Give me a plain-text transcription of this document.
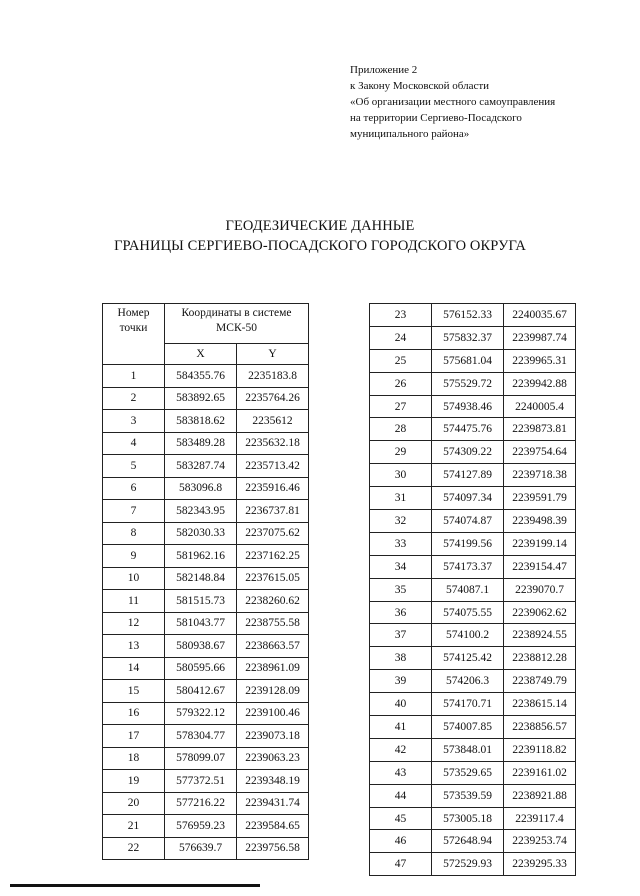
Приложение 2
к Закону Московской области
«Об организации местного самоуправления
на территории Сергиево-Посадского
муниципального района»
ГЕОДЕЗИЧЕСКИЕ ДАННЫЕ
ГРАНИЦЫ СЕРГИЕВО-ПОСАДСКОГО ГОРОДСКОГО ОКРУГА
Номер точки	Координаты в системе МСК-50	
	X	Y
1	584355.76	2235183.8
2	583892.65	2235764.26
3	583818.62	2235612
4	583489.28	2235632.18
5	583287.74	2235713.42
6	583096.8	2235916.46
7	582343.95	2236737.81
8	582030.33	2237075.62
9	581962.16	2237162.25
10	582148.84	2237615.05
11	581515.73	2238260.62
12	581043.77	2238755.58
13	580938.67	2238663.57
14	580595.66	2238961.09
15	580412.67	2239128.09
16	579322.12	2239100.46
17	578304.77	2239073.18
18	578099.07	2239063.23
19	577372.51	2239348.19
20	577216.22	2239431.74
21	576959.23	2239584.65
22	576639.7	2239756.58
23	576152.33	2240035.67
24	575832.37	2239987.74
25	575681.04	2239965.31
26	575529.72	2239942.88
27	574938.46	2240005.4
28	574475.76	2239873.81
29	574309.22	2239754.64
30	574127.89	2239718.38
31	574097.34	2239591.79
32	574074.87	2239498.39
33	574199.56	2239199.14
34	574173.37	2239154.47
35	574087.1	2239070.7
36	574075.55	2239062.62
37	574100.2	2238924.55
38	574125.42	2238812.28
39	574206.3	2238749.79
40	574170.71	2238615.14
41	574007.85	2238856.57
42	573848.01	2239118.82
43	573529.65	2239161.02
44	573539.59	2238921.88
45	573005.18	2239117.4
46	572648.94	2239253.74
47	572529.93	2239295.33
